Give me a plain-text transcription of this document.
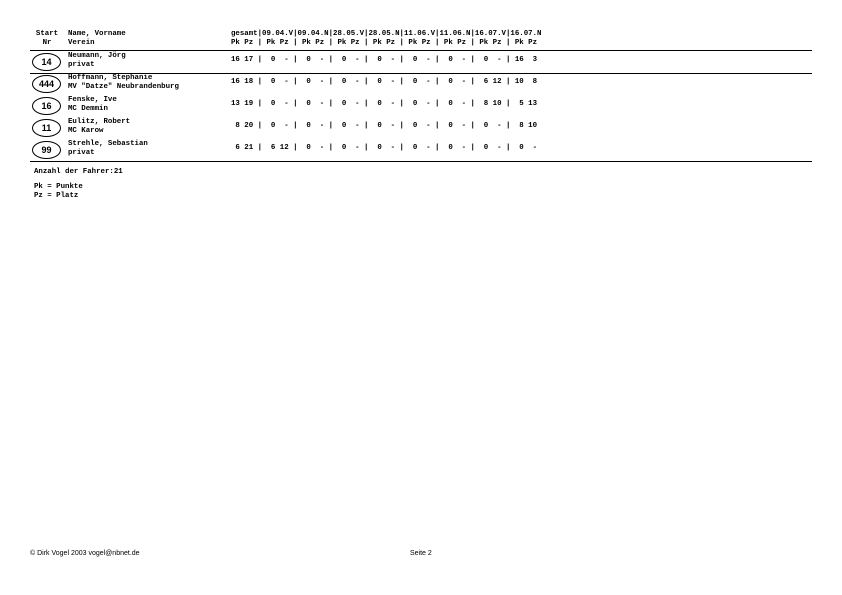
Start
Nr
Name, Vorname
Verein
gesamt|09.04.V|09.04.N|28.05.V|28.05.N|11.06.V|11.06.N|16.07.V|16.07.N
Pk Pz | Pk Pz | Pk Pz | Pk Pz | Pk Pz | Pk Pz | Pk Pz | Pk Pz | Pk Pz
14
Neumann, Jörg
privat
16 17 |  0  - |  0  - |  0  - |  0  - |  0  - |  0  - |  0  - | 16  3
444
Hoffmann, Stephanie
MV "Datze" Neubrandenburg
16 18 |  0  - |  0  - |  0  - |  0  - |  0  - |  0  - |  6 12 | 10  8
16
Fenske, Ive
MC Demmin
13 19 |  0  - |  0  - |  0  - |  0  - |  0  - |  0  - |  8 10 |  5 13
11
Eulitz, Robert
MC Karow
8 20 |  0  - |  0  - |  0  - |  0  - |  0  - |  0  - |  0  - |  8 10
99
Strehle, Sebastian
privat
6 21 |  6 12 |  0  - |  0  - |  0  - |  0  - |  0  - |  0  - |  0  -
Anzahl der Fahrer:21
Pk = Punkte
Pz = Platz
© Dirk Vogel 2003 vogel@nbnet.de	Seite 2
